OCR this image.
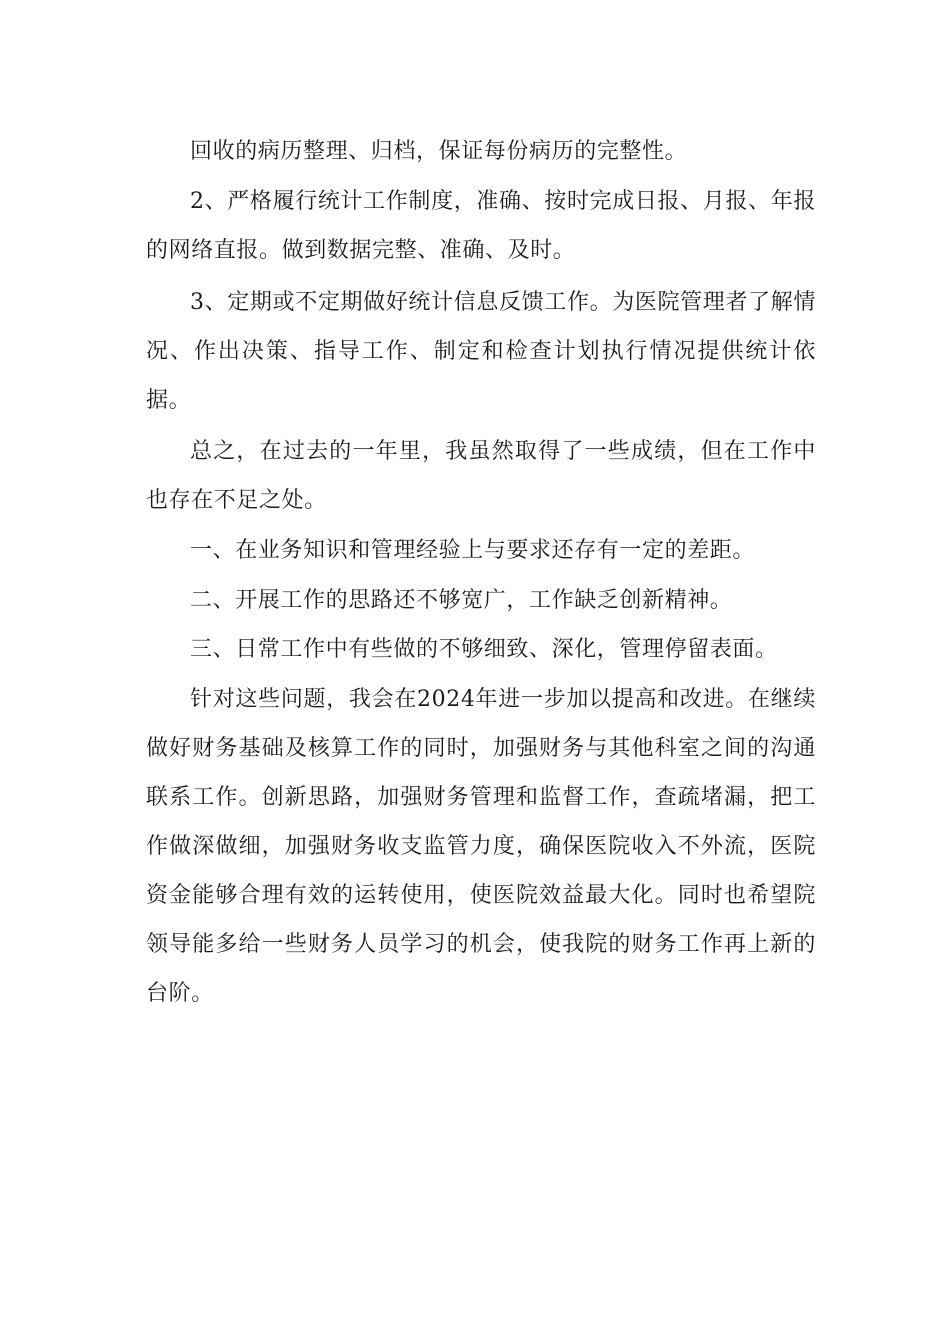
回收的病历整理、归档，保证每份病历的完整性。

2、严格履行统计工作制度，准确、按时完成日报、月报、年报的网络直报。做到数据完整、准确、及时。

3、定期或不定期做好统计信息反馈工作。为医院管理者了解情况、作出决策、指导工作、制定和检查计划执行情况提供统计依据。

总之，在过去的一年里，我虽然取得了一些成绩，但在工作中也存在不足之处。

一、在业务知识和管理经验上与要求还存有一定的差距。

二、开展工作的思路还不够宽广，工作缺乏创新精神。

三、日常工作中有些做的不够细致、深化，管理停留表面。

针对这些问题，我会在2024年进一步加以提高和改进。在继续做好财务基础及核算工作的同时，加强财务与其他科室之间的沟通联系工作。创新思路，加强财务管理和监督工作，查疏堵漏，把工作做深做细，加强财务收支监管力度，确保医院收入不外流，医院资金能够合理有效的运转使用，使医院效益最大化。同时也希望院领导能多给一些财务人员学习的机会，使我院的财务工作再上新的台阶。
